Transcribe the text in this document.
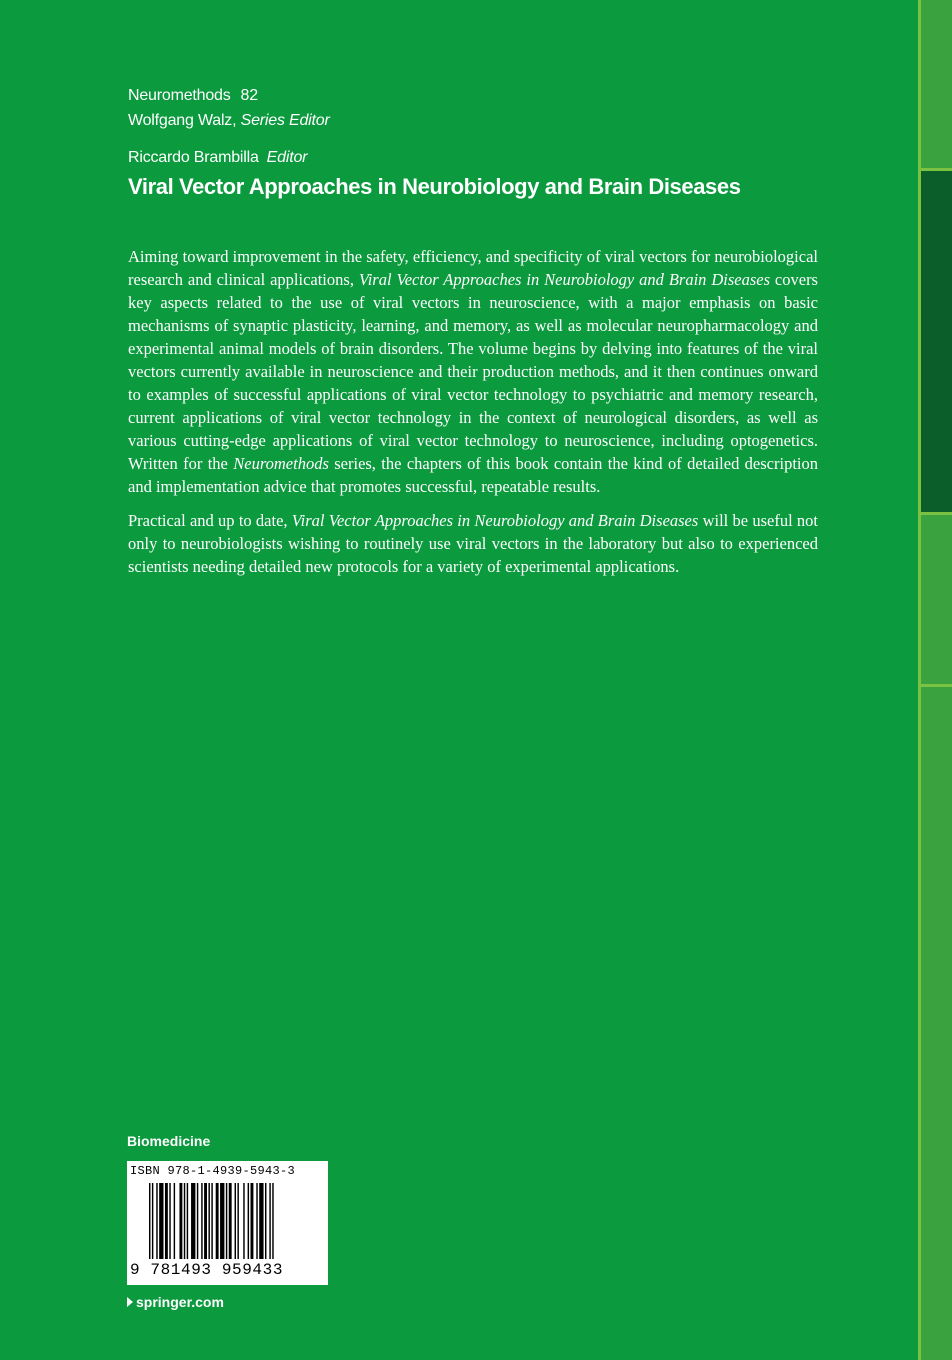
Neuromethods 82
Wolfgang Walz, Series Editor
Riccardo Brambilla Editor
Viral Vector Approaches in Neurobiology and Brain Diseases

Aiming toward improvement in the safety, efficiency, and specificity of viral vectors for neurobiological research and clinical applications, Viral Vector Approaches in Neurobiology and Brain Diseases covers key aspects related to the use of viral vectors in neuroscience, with a major emphasis on basic mechanisms of synaptic plasticity, learning, and memory, as well as molecular neuropharmacology and experimental animal models of brain disorders. The volume begins by delving into features of the viral vectors currently available in neuroscience and their production methods, and it then continues onward to examples of successful applications of viral vector technology to psychiatric and memory research, current applications of viral vector technology in the context of neurological disorders, as well as various cutting-edge applications of viral vector technology to neuroscience, including optogenetics. Written for the Neuromethods series, the chapters of this book contain the kind of detailed description and implementation advice that promotes successful, repeatable results.

Practical and up to date, Viral Vector Approaches in Neurobiology and Brain Diseases will be useful not only to neurobiologists wishing to routinely use viral vectors in the laboratory but also to experienced scientists needing detailed new protocols for a variety of experimental applications.

Biomedicine
ISBN 978-1-4939-5943-3
9 781493 959433
springer.com
